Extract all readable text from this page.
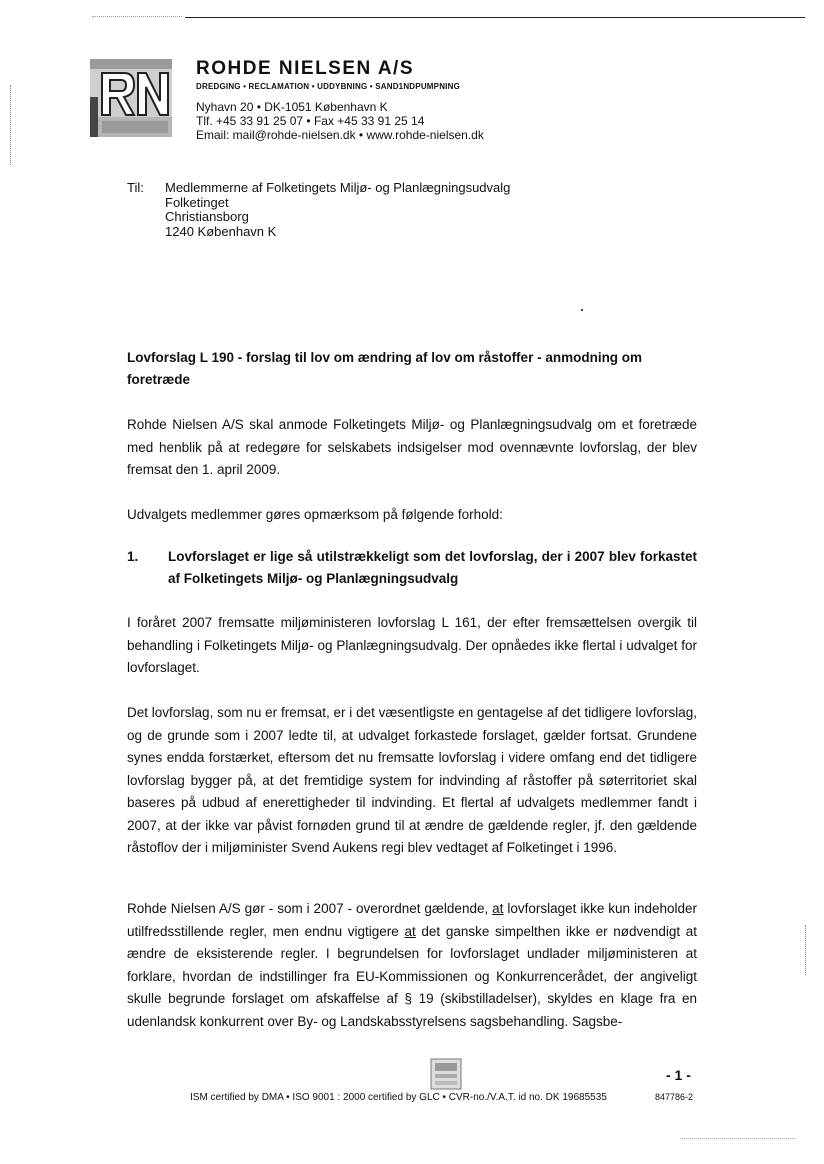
ROHDE NIELSEN A/S
DREDGING • RECLAMATION • UDDYBNING • SAND1NDPUMPNING
Nyhavn 20 • DK-1051 København K
Tlf. +45 33 91 25 07 • Fax +45 33 91 25 14
Email: mail@rohde-nielsen.dk • www.rohde-nielsen.dk
Til: Medlemmerne af Folketingets Miljø- og Planlægningsudvalg
Folketinget
Christiansborg
1240 København K
Lovforslag L 190 - forslag til lov om ændring af lov om råstoffer - anmodning om foretræde
Rohde Nielsen A/S skal anmode Folketingets Miljø- og Planlægningsudvalg om et foretræde med henblik på at redegøre for selskabets indsigelser mod ovennævnte lovforslag, der blev fremsat den 1. april 2009.
Udvalgets medlemmer gøres opmærksom på følgende forhold:
1. Lovforslaget er lige så utilstrækkeligt som det lovforslag, der i 2007 blev forkastet af Folketingets Miljø- og Planlægningsudvalg
I foråret 2007 fremsatte miljøministeren lovforslag L 161, der efter fremsættelsen overgik til behandling i Folketingets Miljø- og Planlægningsudvalg. Der opnåedes ikke flertal i udvalget for lovforslaget.
Det lovforslag, som nu er fremsat, er i det væsentligste en gentagelse af det tidligere lovforslag, og de grunde som i 2007 ledte til, at udvalget forkastede forslaget, gælder fortsat. Grundene synes endda forstærket, eftersom det nu fremsatte lovforslag i videre omfang end det tidligere lovforslag bygger på, at det fremtidige system for indvinding af råstoffer på søterritoriet skal baseres på udbud af enerettigheder til indvinding. Et flertal af udvalgets medlemmer fandt i 2007, at der ikke var påvist fornøden grund til at ændre de gældende regler, jf. den gældende råstoflov der i miljøminister Svend Aukens regi blev vedtaget af Folketinget i 1996.
Rohde Nielsen A/S gør - som i 2007 - overordnet gældende, at lovforslaget ikke kun indeholder utilfredsstillende regler, men endnu vigtigere at det ganske simpelthen ikke er nødvendigt at ændre de eksisterende regler. I begrundelsen for lovforslaget undlader miljøministeren at forklare, hvordan de indstillinger fra EU-Kommissionen og Konkurrencerådet, der angiveligt skulle begrunde forslaget om afskaffelse af § 19 (skibstilladelser), skyldes en klage fra en udenlandsk konkurrent over By- og Landskabsstyrelsens sagsbehandling. Sagsbe-
- 1 -
ISM certified by DMA • ISO 9001 : 2000 certified by GLC • CVR-no./V.A.T. id no. DK 19685535	847786-2
